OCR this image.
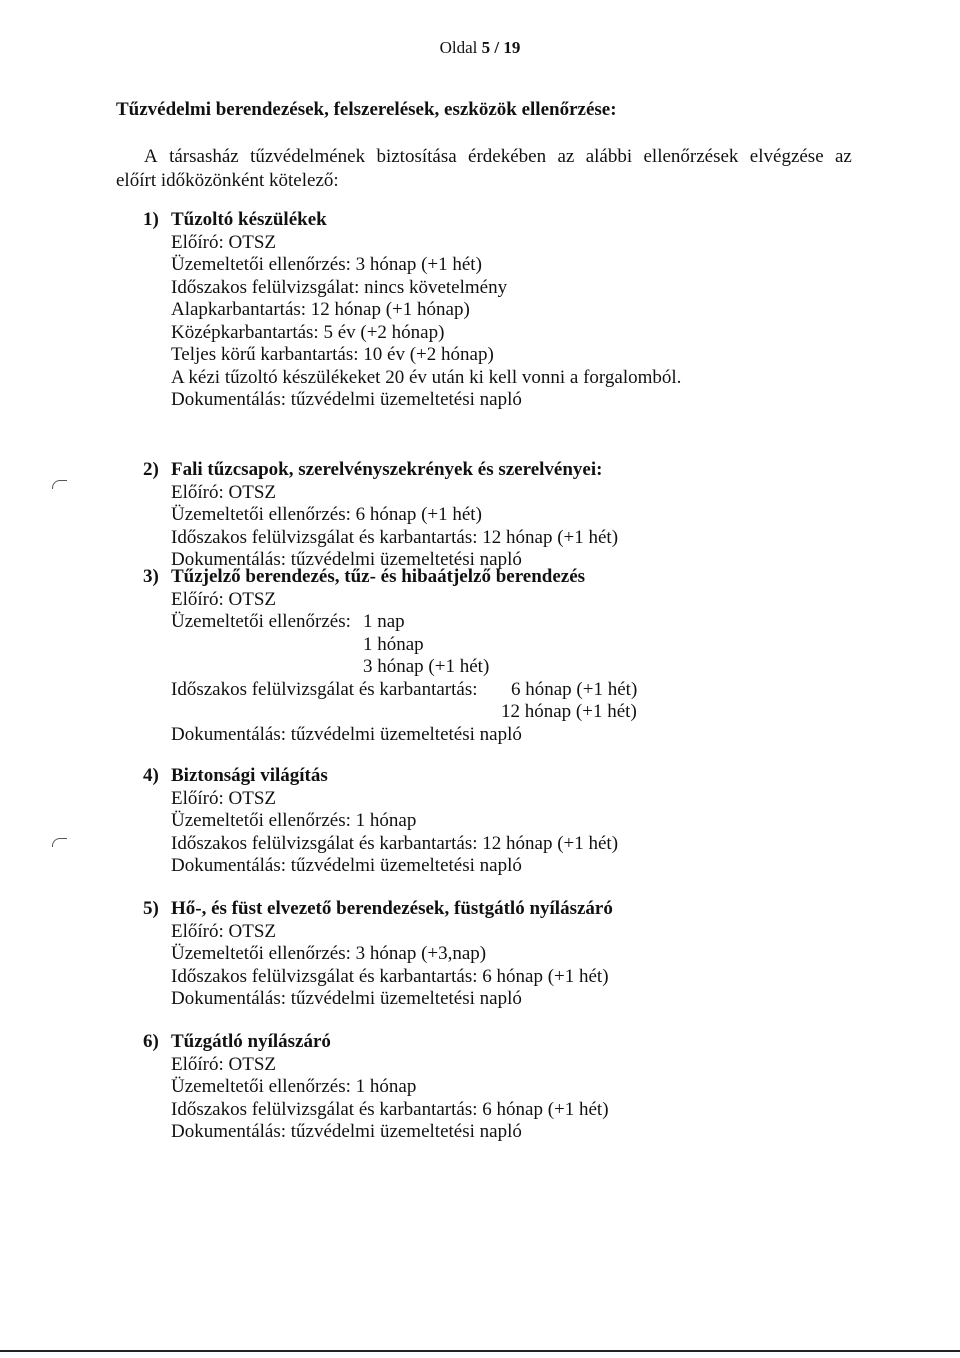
Oldal 5 / 19
Tűzvédelmi berendezések, felszerelések, eszközök ellenőrzése:
A társasház tűzvédelmének biztosítása érdekében az alábbi ellenőrzések elvégzése az
előírt időközönként kötelező:
1) Tűzoltó készülékek
Előíró: OTSZ
Üzemeltetői ellenőrzés: 3 hónap (+1 hét)
Időszakos felülvizsgálat: nincs követelmény
Alapkarbantartás: 12 hónap (+1 hónap)
Középkarbantartás: 5 év (+2 hónap)
Teljes körű karbantartás: 10 év (+2 hónap)
A kézi tűzoltó készülékeket 20 év után ki kell vonni a forgalomból.
Dokumentálás: tűzvédelmi üzemeltetési napló
2) Fali tűzcsapok, szerelvényszekrények és szerelvényei:
Előíró: OTSZ
Üzemeltetői ellenőrzés: 6 hónap (+1 hét)
Időszakos felülvizsgálat és karbantartás: 12 hónap (+1 hét)
Dokumentálás: tűzvédelmi üzemeltetési napló
3) Tűzjelző berendezés, tűz- és hibaátjelző berendezés
Előíró: OTSZ
Üzemeltetői ellenőrzés: 1 nap
1 hónap
3 hónap (+1 hét)
Időszakos felülvizsgálat és karbantartás:	6 hónap (+1 hét)
12 hónap (+1 hét)
Dokumentálás: tűzvédelmi üzemeltetési napló
4) Biztonsági világítás
Előíró: OTSZ
Üzemeltetői ellenőrzés: 1 hónap
Időszakos felülvizsgálat és karbantartás: 12 hónap (+1 hét)
Dokumentálás: tűzvédelmi üzemeltetési napló
5) Hő-, és füst elvezető berendezések, füstgátló nyílászáró
Előíró: OTSZ
Üzemeltetői ellenőrzés: 3 hónap (+3,nap)
Időszakos felülvizsgálat és karbantartás: 6 hónap (+1 hét)
Dokumentálás: tűzvédelmi üzemeltetési napló
6) Tűzgátló nyílászáró
Előíró: OTSZ
Üzemeltetői ellenőrzés: 1 hónap
Időszakos felülvizsgálat és karbantartás: 6 hónap (+1 hét)
Dokumentálás: tűzvédelmi üzemeltetési napló
